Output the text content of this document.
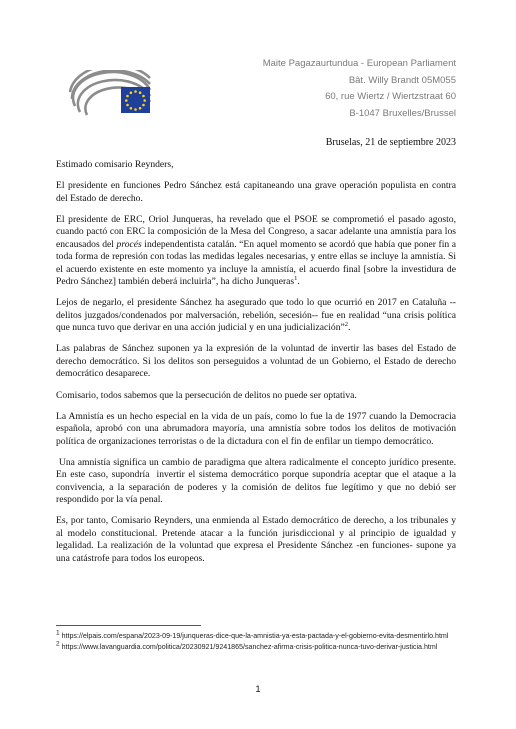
Maite Pagazaurtundua - European Parliament
Bât. Willy Brandt 05M055
60, rue Wiertz / Wiertzstraat 60
B-1047 Bruxelles/Brussel
Bruselas, 21 de septiembre 2023

Estimado comisario Reynders,

El presidente en funciones Pedro Sánchez está capitaneando una grave operación populista en contra del Estado de derecho.

El presidente de ERC, Oriol Junqueras, ha revelado que el PSOE se comprometió el pasado agosto, cuando pactó con ERC la composición de la Mesa del Congreso, a sacar adelante una amnistía para los encausados del procés independentista catalán. “En aquel momento se acordó que había que poner fin a toda forma de represión con todas las medidas legales necesarias, y entre ellas se incluye la amnistía. Si el acuerdo existente en este momento ya incluye la amnistía, el acuerdo final [sobre la investidura de Pedro Sánchez] también deberá incluirla”, ha dicho Junqueras$^1$.

Lejos de negarlo, el presidente Sánchez ha asegurado que todo lo que ocurrió en 2017 en Cataluña -- delitos juzgados/condenados por malversación, rebelión, secesión-- fue en realidad “una crisis política que nunca tuvo que derivar en una acción judicial y en una judicialización”$^2$.

Las palabras de Sánchez suponen ya la expresión de la voluntad de invertir las bases del Estado de derecho democrático. Si los delitos son perseguidos a voluntad de un Gobierno, el Estado de derecho democrático desaparece.

Comisario, todos sabemos que la persecución de delitos no puede ser optativa.

La Amnistía es un hecho especial en la vida de un país, como lo fue la de 1977 cuando la Democracia española, aprobó con una abrumadora mayoría, una amnistía sobre todos los delitos de motivación política de organizaciones terroristas o de la dictadura con el fin de enfilar un tiempo democrático.

Una amnistía significa un cambio de paradigma que altera radicalmente el concepto jurídico presente. En este caso, supondría  invertir el sistema democrático porque supondría aceptar que el ataque a la convivencia, a la separación de poderes y la comisión de delitos fue legítimo y que no debió ser respondido por la vía penal.

Es, por tanto, Comisario Reynders, una enmienda al Estado democrático de derecho, a los tribunales y al modelo constitucional. Pretende atacar a la función jurisdiccional y al principio de igualdad y legalidad. La realización de la voluntad que expresa el Presidente Sánchez -en funciones- supone ya una catástrofe para todos los europeos.

$^1$ https://elpais.com/espana/2023-09-19/junqueras-dice-que-la-amnistia-ya-esta-pactada-y-el-gobierno-evita-desmentirlo.html

$^2$ https://www.lavanguardia.com/politica/20230921/9241865/sanchez-afirma-crisis-politica-nunca-tuvo-derivar-justicia.html

1
